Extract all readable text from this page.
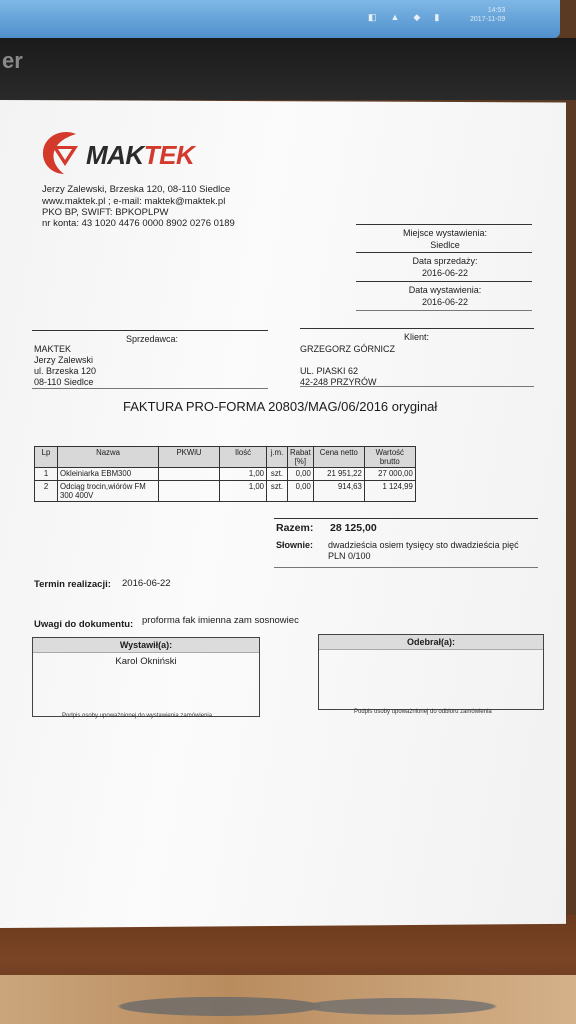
◧▲◆▮
14:53
2017-11-09
er
MAKTEK
Jerzy Zalewski, Brzeska 120, 08-110 Siedlce
www.maktek.pl ; e-mail: maktek@maktek.pl
PKO BP, SWIFT: BPKOPLPW
nr konta: 43 1020 4476 0000 8902 0276 0189
Miejsce wystawienia:
Siedlce
Data sprzedaży:
2016-06-22
Data wystawienia:
2016-06-22
Sprzedawca:
MAKTEK
Jerzy Zalewski
ul. Brzeska 120
08-110 Siedlce
Klient:
GRZEGORZ GÓRNICZ
UL. PIASKI 62
42-248 PRZYRÓW
FAKTURA PRO-FORMA 20803/MAG/06/2016 oryginał
Lp	Nazwa	PKWiU	Ilość	j.m.	Rabat [%]	Cena netto	Wartość brutto
1	Okleiniarka EBM300		1,00	szt.	0,00	21 951,22	27 000,00
2	Odciąg trocin,wiórów FM 300 400V		1,00	szt.	0,00	914,63	1 124,99
Razem: 28 125,00
Słownie: dwadzieścia osiem tysięcy sto dwadzieścia pięć
PLN 0/100
Termin realizacji: 2016-06-22
Uwagi do dokumentu: proforma fak imienna zam sosnowiec
Wystawił(a):
Karol Okniński
Podpis osoby upoważnionej do wystawienia zamówienia
Odebrał(a):
Podpis osoby upoważnionej do odbioru zamówienia
